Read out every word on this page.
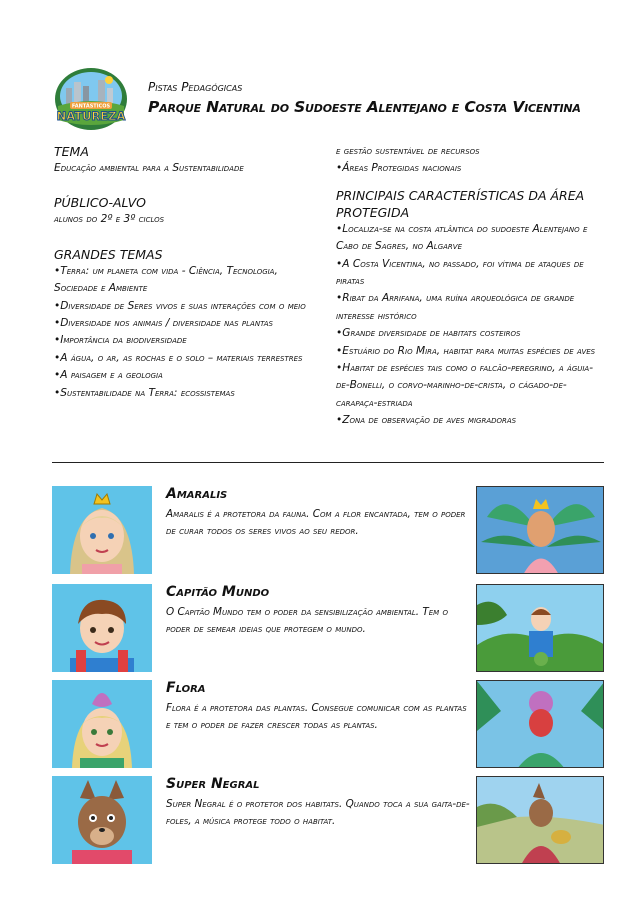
FANTÁSTICOS
NATUREZA
Pistas Pedagógicas
Parque Natural do Sudoeste Alentejano e Costa Vicentina
TEMA

Educação ambiental para a Sustentabilidade

PÚBLICO-ALVO

alunos do 2º e 3º ciclos

GRANDES TEMAS

• Terra: um planeta com vida - Ciência, Tecnologia, Sociedade e Ambiente

• Diversidade de Seres vivos e suas interações com o meio

• Diversidade nos animais / diversidade nas plantas

• Importância da biodiversidade

• A água, o ar, as rochas e o solo – materiais terrestres

• A paisagem e a geologia

• Sustentabilidade na Terra: ecossistemas

e gestão sustentável de recursos

• Áreas Protegidas nacionais

PRINCIPAIS CARACTERÍSTICAS DA ÁREA PROTEGIDA

• Localiza-se na costa atlântica do sudoeste Alentejano e Cabo de Sagres, no Algarve

• A Costa Vicentina, no passado, foi vítima de ataques de piratas

• Ribat da Arrifana, uma ruína arqueológica de grande interesse histórico

• Grande diversidade de habitats costeiros

• Estuário do Rio Mira, habitat para muitas espécies de aves

• Habitat de espécies tais como o falcão-peregrino, a águia-de-Bonelli, o corvo-marinho-de-crista, o cágado-de-carapaça-estriada

• Zona de observação de aves migradoras

Amaralis
Amaralis é a protetora da fauna. Com a flor encantada, tem o poder de curar todos os seres vivos ao seu redor.
Capitão Mundo
O Capitão Mundo tem o poder da sensibilização ambiental. Tem o poder de semear ideias que protegem o mundo.
Flora
Flora é a protetora das plantas. Consegue comunicar com as plantas e tem o poder de fazer crescer todas as plantas.
Super Negral
Super Negral é o protetor dos habitats. Quando toca a sua gaita-de-foles, a música protege todo o habitat.
